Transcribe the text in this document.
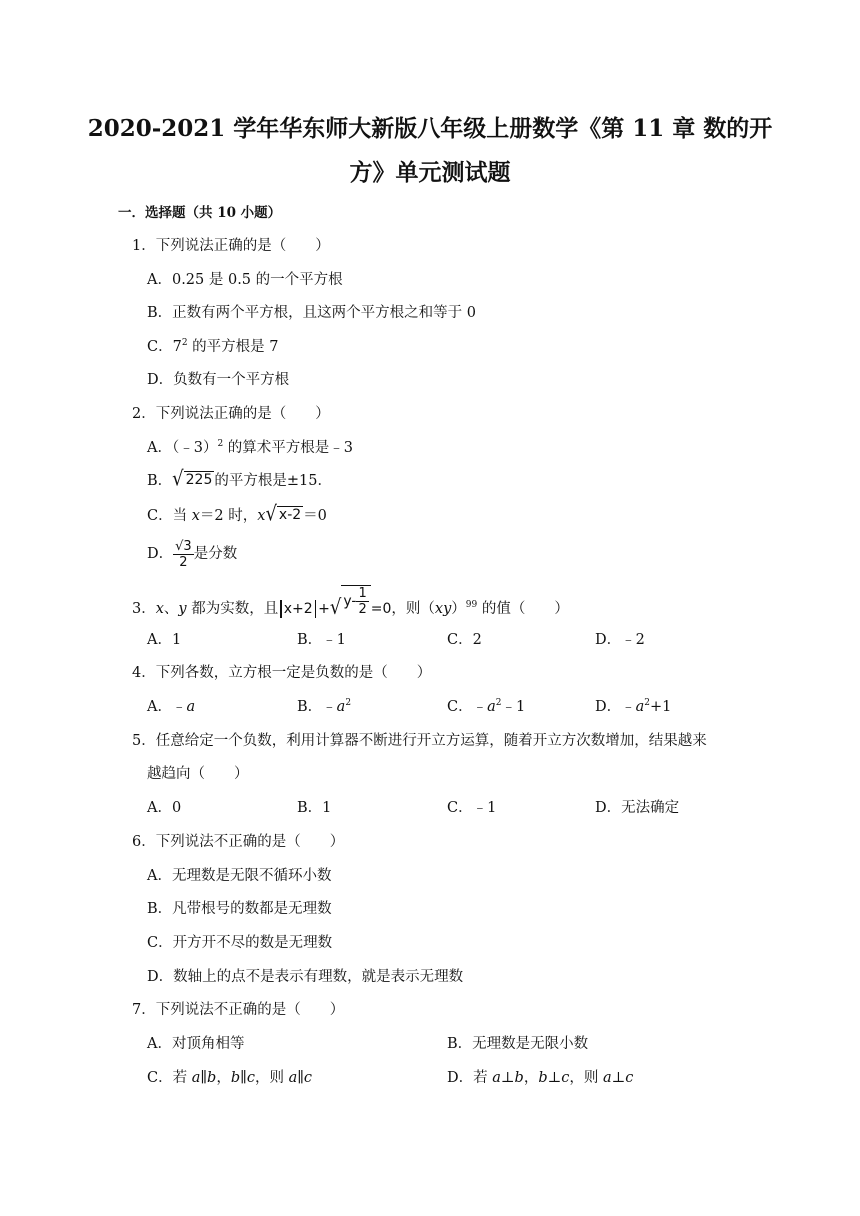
2020-2021 学年华东师大新版八年级上册数学《第 11 章 数的开
方》单元测试题
一．选择题（共 10 小题）
1．下列说法正确的是（　　）
A．0.25 是 0.5 的一个平方根
B．正数有两个平方根，且这两个平方根之和等于 0
C．$7^2$ 的平方根是 7
D．负数有一个平方根
2．下列说法正确的是（　　）
A．（﹣3）$^2$ 的算术平方根是﹣3
B． √ 225 的平方根是±15．
C．当 x＝2 时，x √ x-2 ＝0
D． $\frac{√3}{2}$ 是分数
3．x、y 都为实数，且 x+2 + √ $y- \frac{1}{2} =0$，则（xy）$^{99}$ 的值（　　）
A．1	B．﹣1	C．2	D．﹣2
4．下列各数，立方根一定是负数的是（　　）
A．﹣a	B．$﹣a^2$	C．$﹣a^2﹣1$	D．$﹣a^2+1$
5．任意给定一个负数，利用计算器不断进行开立方运算，随着开立方次数增加，结果越来
越趋向（　　）
A．0	B．1	C．﹣1	D．无法确定
6．下列说法不正确的是（　　）
A．无理数是无限不循环小数
B．凡带根号的数都是无理数
C．开方开不尽的数是无理数
D．数轴上的点不是表示有理数，就是表示无理数
7．下列说法不正确的是（　　）
A．对顶角相等	B．无理数是无限小数
C．若 a∥b，b∥c，则 a∥c	D．若 a⊥b，b⊥c，则 a⊥c
